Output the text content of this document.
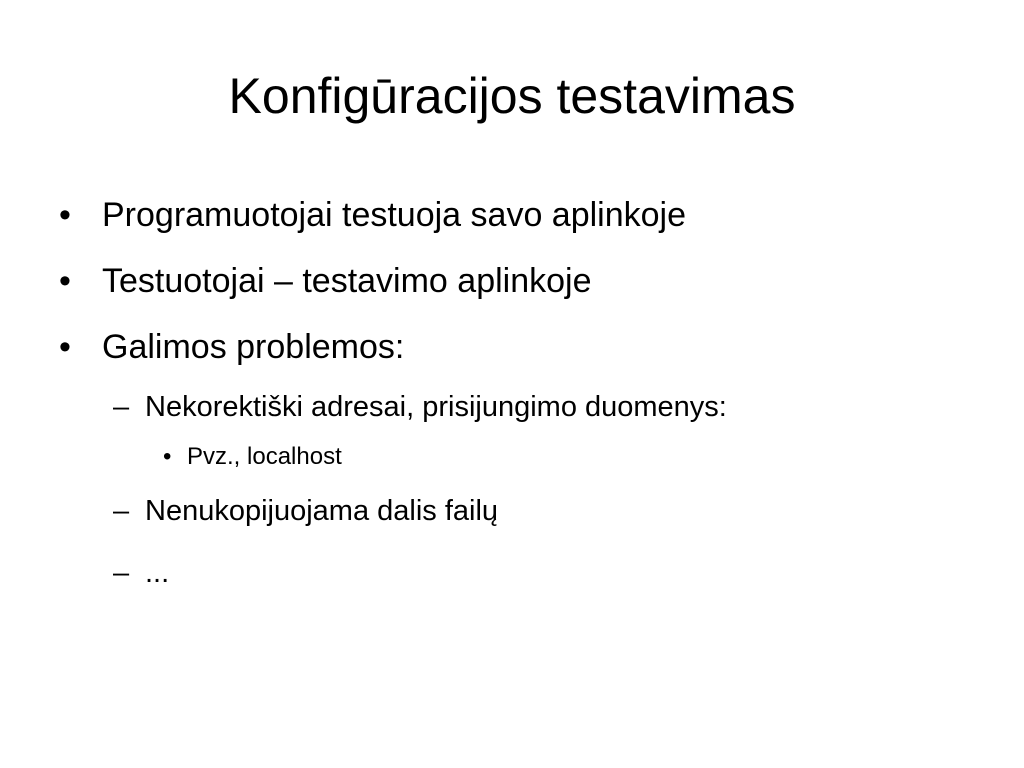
Konfigūracijos testavimas
• Programuotojai testuoja savo aplinkoje
• Testuotojai – testavimo aplinkoje
• Galimos problemos:
– Nekorektiški adresai, prisijungimo duomenys:
• Pvz., localhost
– Nenukopijuojama dalis failų
– ...
